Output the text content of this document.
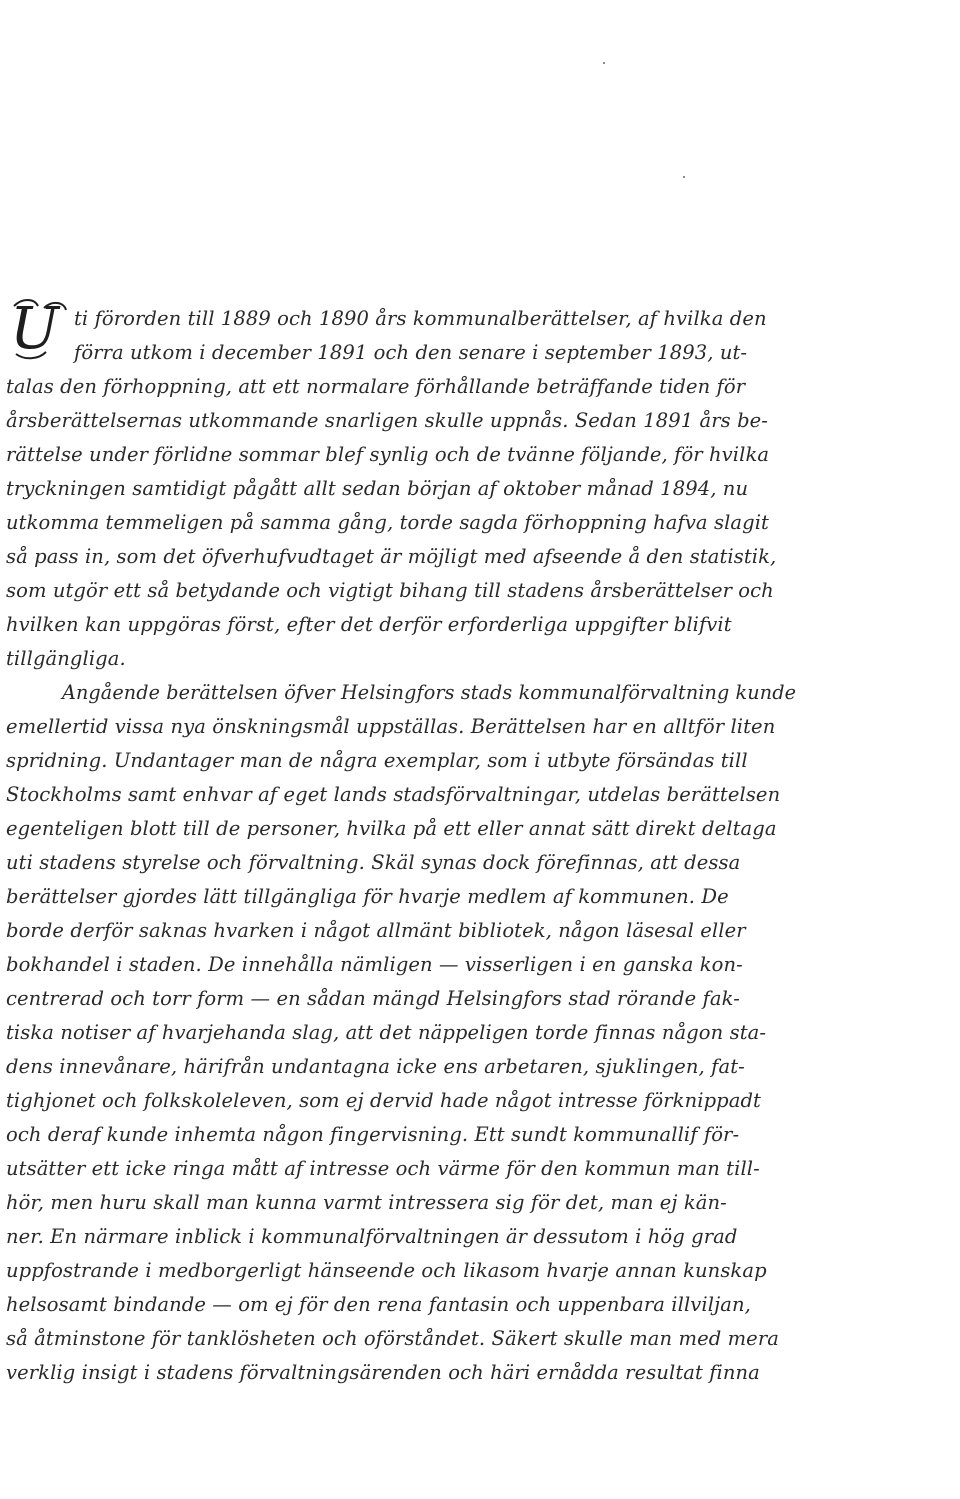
U ti förorden till 1889 och 1890 års kommunalberättelser, af hvilka den
förra utkom i december 1891 och den senare i september 1893, ut-
talas den förhoppning, att ett normalare förhållande beträffande tiden för
årsberättelsernas utkommande snarligen skulle uppnås. Sedan 1891 års be-
rättelse under förlidne sommar blef synlig och de tvänne följande, för hvilka
tryckningen samtidigt pågått allt sedan början af oktober månad 1894, nu
utkomma temmeligen på samma gång, torde sagda förhoppning hafva slagit
så pass in, som det öfverhufvudtaget är möjligt med afseende å den statistik,
som utgör ett så betydande och vigtigt bihang till stadens årsberättelser och
hvilken kan uppgöras först, efter det derför erforderliga uppgifter blifvit
tillgängliga.
Angående berättelsen öfver Helsingfors stads kommunalförvaltning kunde
emellertid vissa nya önskningsmål uppställas. Berättelsen har en alltför liten
spridning. Undantager man de några exemplar, som i utbyte försändas till
Stockholms samt enhvar af eget lands stadsförvaltningar, utdelas berättelsen
egenteligen blott till de personer, hvilka på ett eller annat sätt direkt deltaga
uti stadens styrelse och förvaltning. Skäl synas dock förefinnas, att dessa
berättelser gjordes lätt tillgängliga för hvarje medlem af kommunen. De
borde derför saknas hvarken i något allmänt bibliotek, någon läsesal eller
bokhandel i staden. De innehålla nämligen — visserligen i en ganska kon-
centrerad och torr form — en sådan mängd Helsingfors stad rörande fak-
tiska notiser af hvarjehanda slag, att det näppeligen torde finnas någon sta-
dens innevånare, härifrån undantagna icke ens arbetaren, sjuklingen, fat-
tighjonet och folkskoleleven, som ej dervid hade något intresse förknippadt
och deraf kunde inhemta någon fingervisning. Ett sundt kommunallif för-
utsätter ett icke ringa mått af intresse och värme för den kommun man till-
hör, men huru skall man kunna varmt intressera sig för det, man ej kän-
ner. En närmare inblick i kommunalförvaltningen är dessutom i hög grad
uppfostrande i medborgerligt hänseende och likasom hvarje annan kunskap
helsosamt bindande — om ej för den rena fantasin och uppenbara illviljan,
så åtminstone för tanklösheten och oförståndet. Säkert skulle man med mera
verklig insigt i stadens förvaltningsärenden och häri ernådda resultat finna
